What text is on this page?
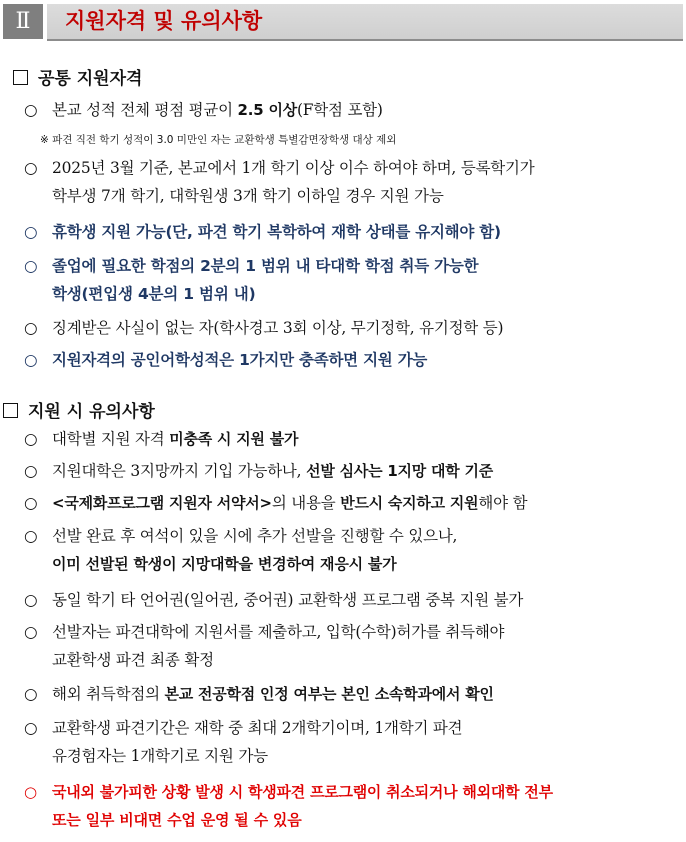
Ⅱ	지원자격 및 유의사항
공통 지원자격
○ 본교 성적 전체 평점 평균이 2.5 이상(F학점 포함)
※ 파견 직전 학기 성적이 3.0 미만인 자는 교환학생 특별감면장학생 대상 제외
○ 2025년 3월 기준, 본교에서 1개 학기 이상 이수 하여야 하며, 등록학기가
학부생 7개 학기, 대학원생 3개 학기 이하일 경우 지원 가능
○ 휴학생 지원 가능(단, 파견 학기 복학하여 재학 상태를 유지해야 함)
○ 졸업에 필요한 학점의 2분의 1 범위 내 타대학 학점 취득 가능한
학생(편입생 4분의 1 범위 내)
○ 징계받은 사실이 없는 자(학사경고 3회 이상, 무기정학, 유기정학 등)
○ 지원자격의 공인어학성적은 1가지만 충족하면 지원 가능
지원 시 유의사항
○ 대학별 지원 자격 미충족 시 지원 불가
○ 지원대학은 3지망까지 기입 가능하나, 선발 심사는 1지망 대학 기준
○ <국제화프로그램 지원자 서약서>의 내용을 반드시 숙지하고 지원해야 함
○ 선발 완료 후 여석이 있을 시에 추가 선발을 진행할 수 있으나,
이미 선발된 학생이 지망대학을 변경하여 재응시 불가
○ 동일 학기 타 언어권(일어권, 중어권) 교환학생 프로그램 중복 지원 불가
○ 선발자는 파견대학에 지원서를 제출하고, 입학(수학)허가를 취득해야
교환학생 파견 최종 확정
○ 해외 취득학점의 본교 전공학점 인정 여부는 본인 소속학과에서 확인
○ 교환학생 파견기간은 재학 중 최대 2개학기이며, 1개학기 파견
유경험자는 1개학기로 지원 가능
○ 국내외 불가피한 상황 발생 시 학생파견 프로그램이 취소되거나 해외대학 전부
또는 일부 비대면 수업 운영 될 수 있음
